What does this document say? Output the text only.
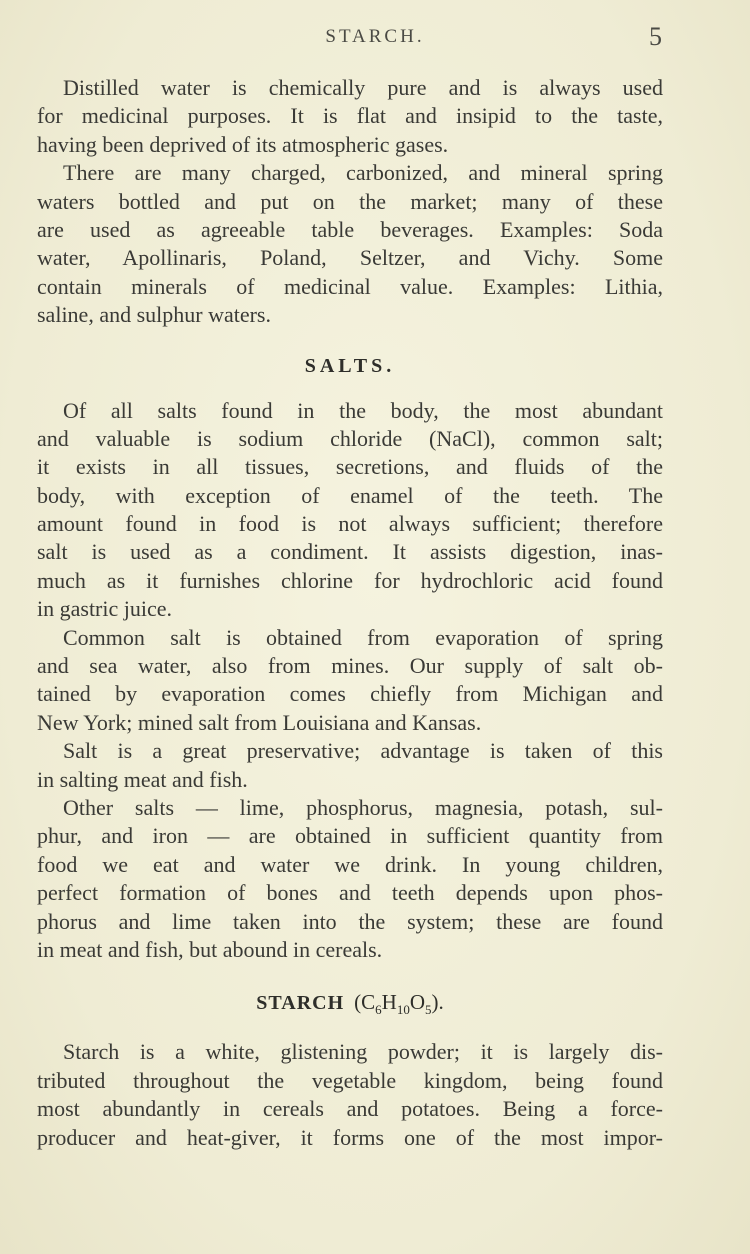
STARCH.	5
Distilled water is chemically pure and is always used
for medicinal purposes. It is flat and insipid to the taste,
having been deprived of its atmospheric gases.
There are many charged, carbonized, and mineral spring
waters bottled and put on the market; many of these
are used as agreeable table beverages. Examples: Soda
water, Apollinaris, Poland, Seltzer, and Vichy. Some
contain minerals of medicinal value. Examples: Lithia,
saline, and sulphur waters.
SALTS.
Of all salts found in the body, the most abundant
and valuable is sodium chloride (NaCl), common salt;
it exists in all tissues, secretions, and fluids of the
body, with exception of enamel of the teeth. The
amount found in food is not always sufficient; therefore
salt is used as a condiment. It assists digestion, inas-
much as it furnishes chlorine for hydrochloric acid found
in gastric juice.
Common salt is obtained from evaporation of spring
and sea water, also from mines. Our supply of salt ob-
tained by evaporation comes chiefly from Michigan and
New York; mined salt from Louisiana and Kansas.
Salt is a great preservative; advantage is taken of this
in salting meat and fish.
Other salts — lime, phosphorus, magnesia, potash, sul-
phur, and iron — are obtained in sufficient quantity from
food we eat and water we drink. In young children,
perfect formation of bones and teeth depends upon phos-
phorus and lime taken into the system; these are found
in meat and fish, but abound in cereals.
STARCH $(C_6H_{10}O_5)$.
Starch is a white, glistening powder; it is largely dis-
tributed throughout the vegetable kingdom, being found
most abundantly in cereals and potatoes. Being a force-
producer and heat-giver, it forms one of the most impor-
